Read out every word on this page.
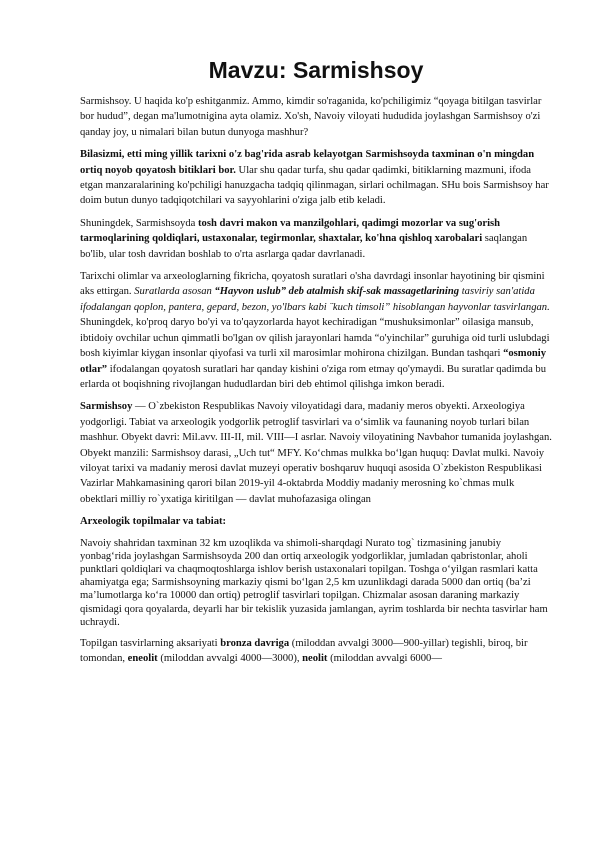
Mavzu: Sarmishsoy

Sarmishsoy. U haqida ko'p eshitganmiz. Ammo, kimdir so'raganida, ko'pchiligimiz “qoyaga bitilgan tasvirlar bor hudud”, degan ma'lumotnigina ayta olamiz. Xo'sh, Navoiy viloyati hududida joylashgan Sarmishsoy o'zi qanday joy, u nimalari bilan butun dunyoga mashhur?

Bilasizmi, etti ming yillik tarixni o'z bag'rida asrab kelayotgan Sarmishsoyda taxminan o'n mingdan ortiq noyob qoyatosh bitiklari bor. Ular shu qadar turfa, shu qadar qadimki, bitiklarning mazmuni, ifoda etgan manzaralarining ko'pchiligi hanuzgacha tadqiq qilinmagan, sirlari ochilmagan. SHu bois Sarmishsoy har doim butun dunyo tadqiqotchilari va sayyohlarini o'ziga jalb etib keladi.

Shuningdek, Sarmishsoyda tosh davri makon va manzilgohlari, qadimgi mozorlar va sug'orish tarmoqlarining qoldiqlari, ustaxonalar, tegirmonlar, shaxtalar, ko'hna qishloq xarobalari saqlangan bo'lib, ular tosh davridan boshlab to o'rta asrlarga qadar davrlanadi.

Tarixchi olimlar va arxeologlarning fikricha, qoyatosh suratlari o'sha davrdagi insonlar hayotining bir qismini aks ettirgan. Suratlarda asosan “Hayvon uslub” deb atalmish skif-sak massagetlarining tasviriy san'atida ifodalangan qoplon, pantera, gepard, bezon, yo'lbars kabi ¨kuch timsoli” hisoblangan hayvonlar tasvirlangan. Shuningdek, ko'proq daryo bo'yi va to'qayzorlarda hayot kechiradigan “mushuksimonlar” oilasiga mansub, ibtidoiy ovchilar uchun qimmatli bo'lgan ov qilish jarayonlari hamda “o'yinchilar” guruhiga oid turli uslubdagi bosh kiyimlar kiygan insonlar qiyofasi va turli xil marosimlar mohirona chizilgan. Bundan tashqari “osmoniy otlar” ifodalangan qoyatosh suratlari har qanday kishini o'ziga rom etmay qo'ymaydi. Bu suratlar qadimda bu erlarda ot boqishning rivojlangan hududlardan biri deb ehtimol qilishga imkon beradi.

Sarmishsoy — O`zbekiston Respublikas Navoiy viloyatidagi dara, madaniy meros obyekti. Arxeologiya yodgorligi. Tabiat va arxeologik yodgorlik petroglif tasvirlari va oʻsimlik va faunaning noyob turlari bilan mashhur. Obyekt davri: Mil.avv. III-II, mil. VIII—I asrlar. Navoiy viloyatining Navbahor tumanida joylashgan. Obyekt manzili: Sarmishsoy darasi, „Uch tut“ MFY. Koʻchmas mulkka boʻlgan huquq: Davlat mulki. Navoiy viloyat tarixi va madaniy merosi davlat muzeyi operativ boshqaruv huquqi asosida O`zbekiston Respublikasi Vazirlar Mahkamasining qarori bilan 2019-yil 4-oktabrda Moddiy madaniy merosning ko`chmas mulk obektlari milliy ro`yxatiga kiritilgan — davlat muhofazasiga olingan

Arxeologik topilmalar va tabiat:

Navoiy shahridan taxminan 32 km uzoqlikda va shimoli-sharqdagi Nurato tog` tizmasining janubiy yonbagʻrida joylashgan Sarmishsoyda 200 dan ortiq arxeologik yodgorliklar, jumladan qabristonlar, aholi punktlari qoldiqlari va chaqmoqtoshlarga ishlov berish ustaxonalari topilgan. Toshga oʻyilgan rasmlari katta ahamiyatga ega; Sarmishsoyning markaziy qismi boʻlgan 2,5 km uzunlikdagi darada 5000 dan ortiq (baʼzi maʼlumotlarga koʻra 10000 dan ortiq) petroglif tasvirlari topilgan. Chizmalar asosan daraning markaziy qismidagi qora qoyalarda, deyarli har bir tekislik yuzasida jamlangan, ayrim toshlarda bir nechta tasvirlar ham uchraydi.

Topilgan tasvirlarning aksariyati bronza davriga (miloddan avvalgi 3000—900-yillar) tegishli, biroq, bir tomondan, eneolit (miloddan avvalgi 4000—3000), neolit (miloddan avvalgi 6000—
